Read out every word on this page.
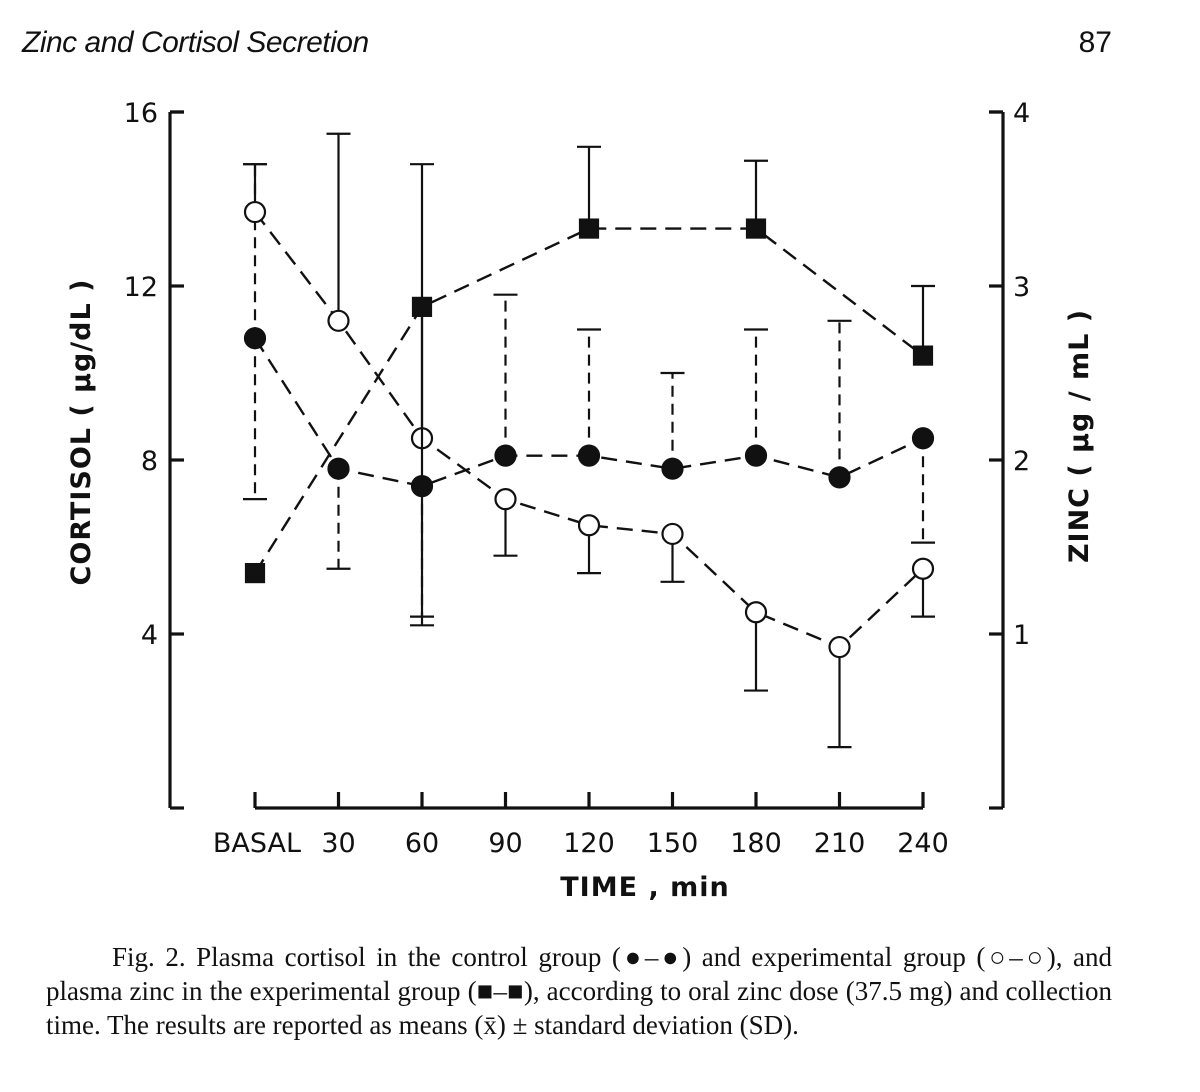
Zinc and Cortisol Secretion	87
4
8
12
16
1
2
3
4
BASAL 30 60 90 120 150 180 210 240
TIME , min
CORTISOL ( µg/dL )	ZINC ( µg / mL )
Fig. 2. Plasma cortisol in the control group (●–●) and experimental group (○–○), and plasma zinc in the experimental group (■–■), according to oral zinc dose (37.5 mg) and collection time. The results are reported as means (x̄) ± standard deviation (SD).
